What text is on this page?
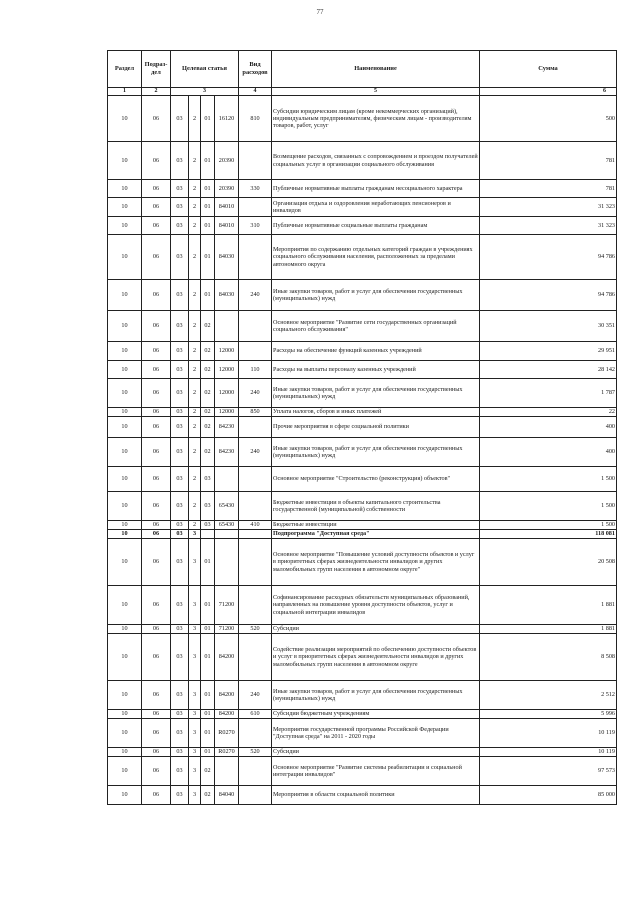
77
Раздел	Подраз-дел	Целевая статья				Вид расходов	Наименование	Сумма
1	2	3				4	5	6
10	06	03	2	01	16120	810	Субсидии юридическим лицам (кроме некоммерческих организаций), индивидуальным предпринимателям, физическим лицам - производителям товаров, работ, услуг	500
10	06	03	2	01	20390		Возмещение расходов, связанных с сопровождением и проездом получателей социальных услуг в организации социального обслуживания	781
10	06	03	2	01	20390	330	Публичные нормативные выплаты гражданам несоциального характера	781
10	06	03	2	01	84010		Организация отдыха и оздоровления неработающих пенсионеров и инвалидов	31 323
10	06	03	2	01	84010	310	Публичные нормативные социальные выплаты гражданам	31 323
10	06	03	2	01	84030		Мероприятия по содержанию отдельных категорий граждан в учреждениях социального обслуживания населения, расположенных за пределами автономного округа	94 786
10	06	03	2	01	84030	240	Иные закупки товаров, работ и услуг для обеспечения государственных (муниципальных) нужд	94 786
10	06	03	2	02			Основное мероприятие "Развитие сети государственных организаций социального обслуживания"	30 351
10	06	03	2	02	12000		Расходы на обеспечение функций казенных учреждений	29 951
10	06	03	2	02	12000	110	Расходы на выплаты персоналу казенных учреждений	28 142
10	06	03	2	02	12000	240	Иные закупки товаров, работ и услуг для обеспечения государственных (муниципальных) нужд	1 787
10	06	03	2	02	12000	850	Уплата налогов, сборов и иных платежей	22
10	06	03	2	02	84230		Прочие мероприятия в сфере социальной политики	400
10	06	03	2	02	84230	240	Иные закупки товаров, работ и услуг для обеспечения государственных (муниципальных) нужд	400
10	06	03	2	03			Основное мероприятие "Строительство (реконструкция) объектов"	1 500
10	06	03	2	03	65430		Бюджетные инвестиции в объекты капитального строительства государственной (муниципальной) собственности	1 500
10	06	03	2	03	65430	410	Бюджетные инвестиции	1 500
10	06	03	3				Подпрограмма "Доступная среда"	118 081
10	06	03	3	01			Основное мероприятие "Повышение условий доступности объектов и услуг в приоритетных сферах жизнедеятельности инвалидов и других маломобильных групп населения в автономном округе"	20 508
10	06	03	3	01	71200		Софинансирование расходных обязательств муниципальных образований, направленных на повышение уровня доступности объектов, услуг и социальной интеграции инвалидов	1 881
10	06	03	3	01	71200	520	Субсидии	1 881
10	06	03	3	01	84200		Содействие реализации мероприятий по обеспечению доступности объектов и услуг в приоритетных сферах жизнедеятельности инвалидов и других маломобильных групп населения в автономном округе	8 508
10	06	03	3	01	84200	240	Иные закупки товаров, работ и услуг для обеспечения государственных (муниципальных) нужд	2 512
10	06	03	3	01	84200	610	Субсидии бюджетным учреждениям	5 996
10	06	03	3	01	R0270		Мероприятия государственной программы Российской Федерации "Доступная среда" на 2011 - 2020 годы	10 119
10	06	03	3	01	R0270	520	Субсидии	10 119
10	06	03	3	02			Основное мероприятие "Развитие системы реабилитации и социальной интеграции инвалидов"	97 573
10	06	03	3	02	84040		Мероприятия в области социальной политики	85 000
